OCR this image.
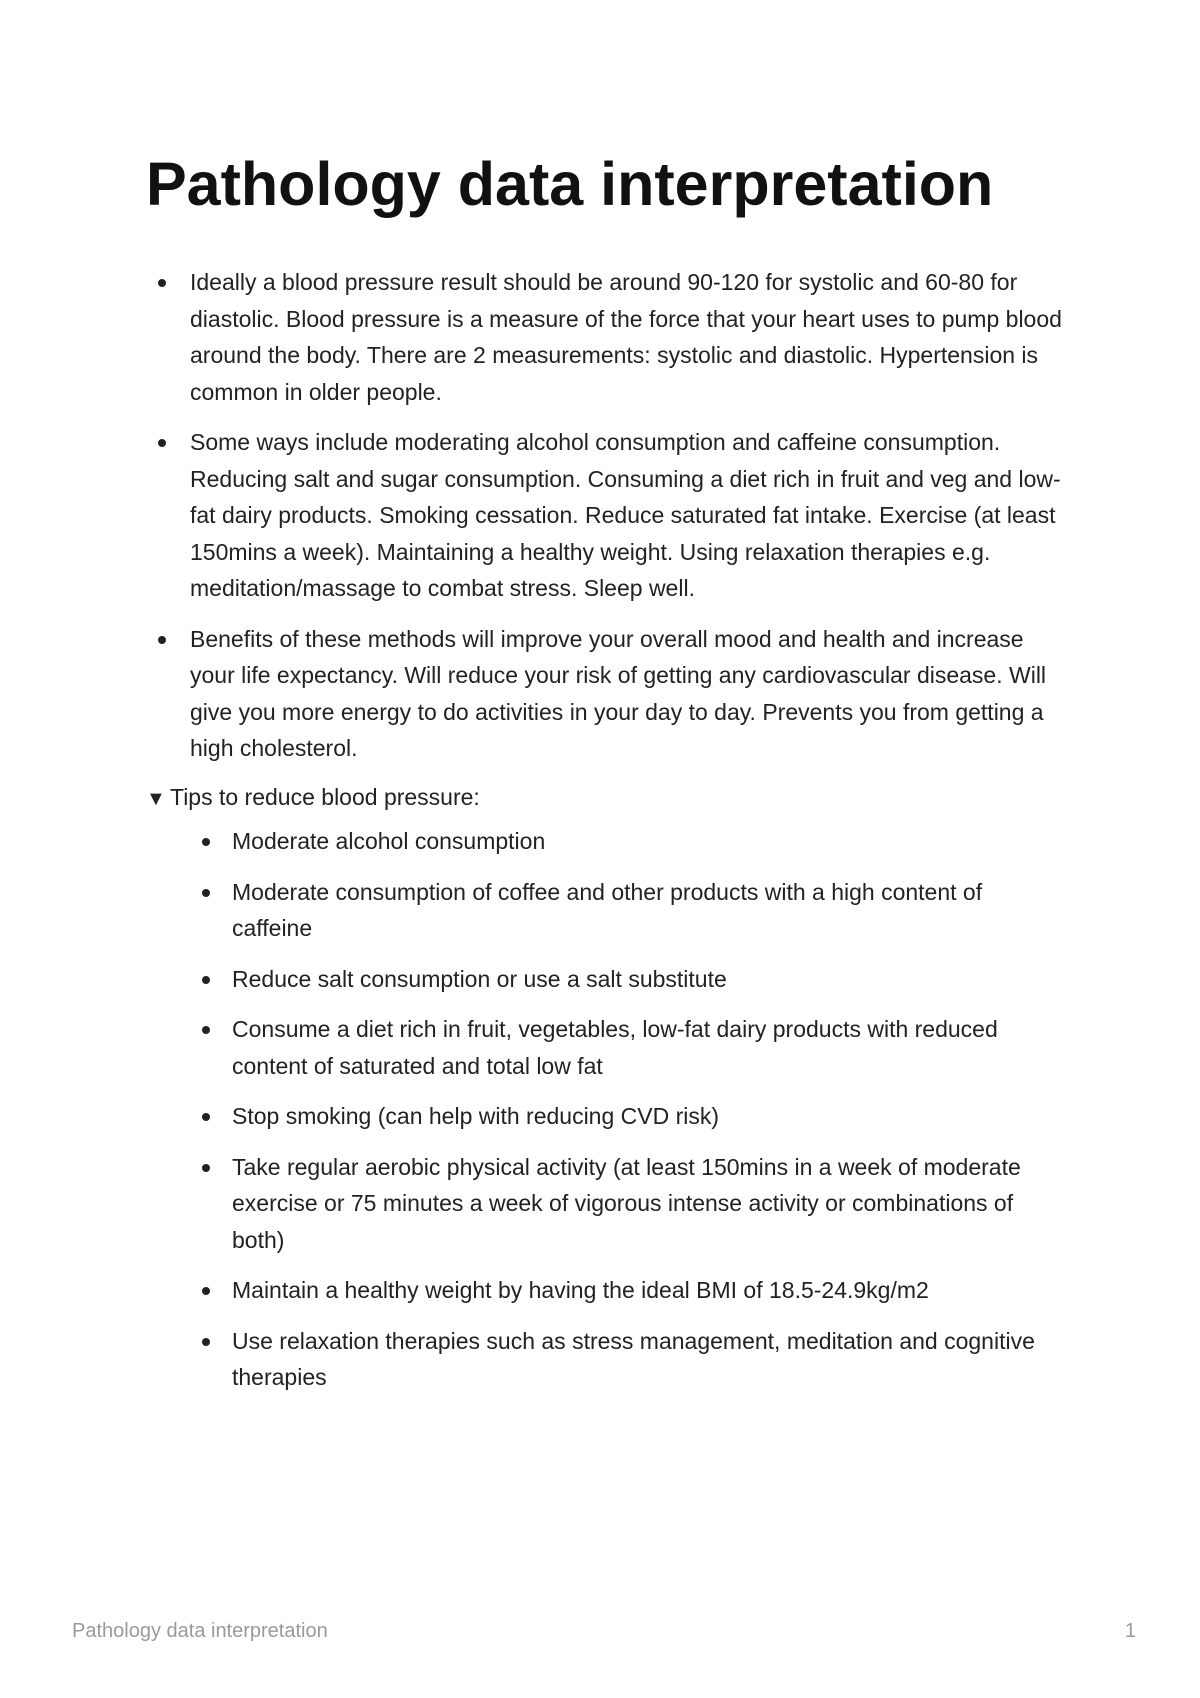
Pathology data interpretation
Ideally a blood pressure result should be around 90-120 for systolic and 60-80 for diastolic. Blood pressure is a measure of the force that your heart uses to pump blood around the body. There are 2 measurements: systolic and diastolic. Hypertension is common in older people.
Some ways include moderating alcohol consumption and caffeine consumption. Reducing salt and sugar consumption. Consuming a diet rich in fruit and veg and low-fat dairy products. Smoking cessation. Reduce saturated fat intake. Exercise (at least 150mins a week). Maintaining a healthy weight. Using relaxation therapies e.g. meditation/massage to combat stress. Sleep well.
Benefits of these methods will improve your overall mood and health and increase your life expectancy. Will reduce your risk of getting any cardiovascular disease. Will give you more energy to do activities in your day to day. Prevents you from getting a high cholesterol.
▼ Tips to reduce blood pressure:
Moderate alcohol consumption
Moderate consumption of coffee and other products with a high content of caffeine
Reduce salt consumption or use a salt substitute
Consume a diet rich in fruit, vegetables, low-fat dairy products with reduced content of saturated and total low fat
Stop smoking (can help with reducing CVD risk)
Take regular aerobic physical activity (at least 150mins in a week of moderate exercise or 75 minutes a week of vigorous intense activity or combinations of both)
Maintain a healthy weight by having the ideal BMI of 18.5-24.9kg/m2
Use relaxation therapies such as stress management, meditation and cognitive therapies
Pathology data interpretation	1
